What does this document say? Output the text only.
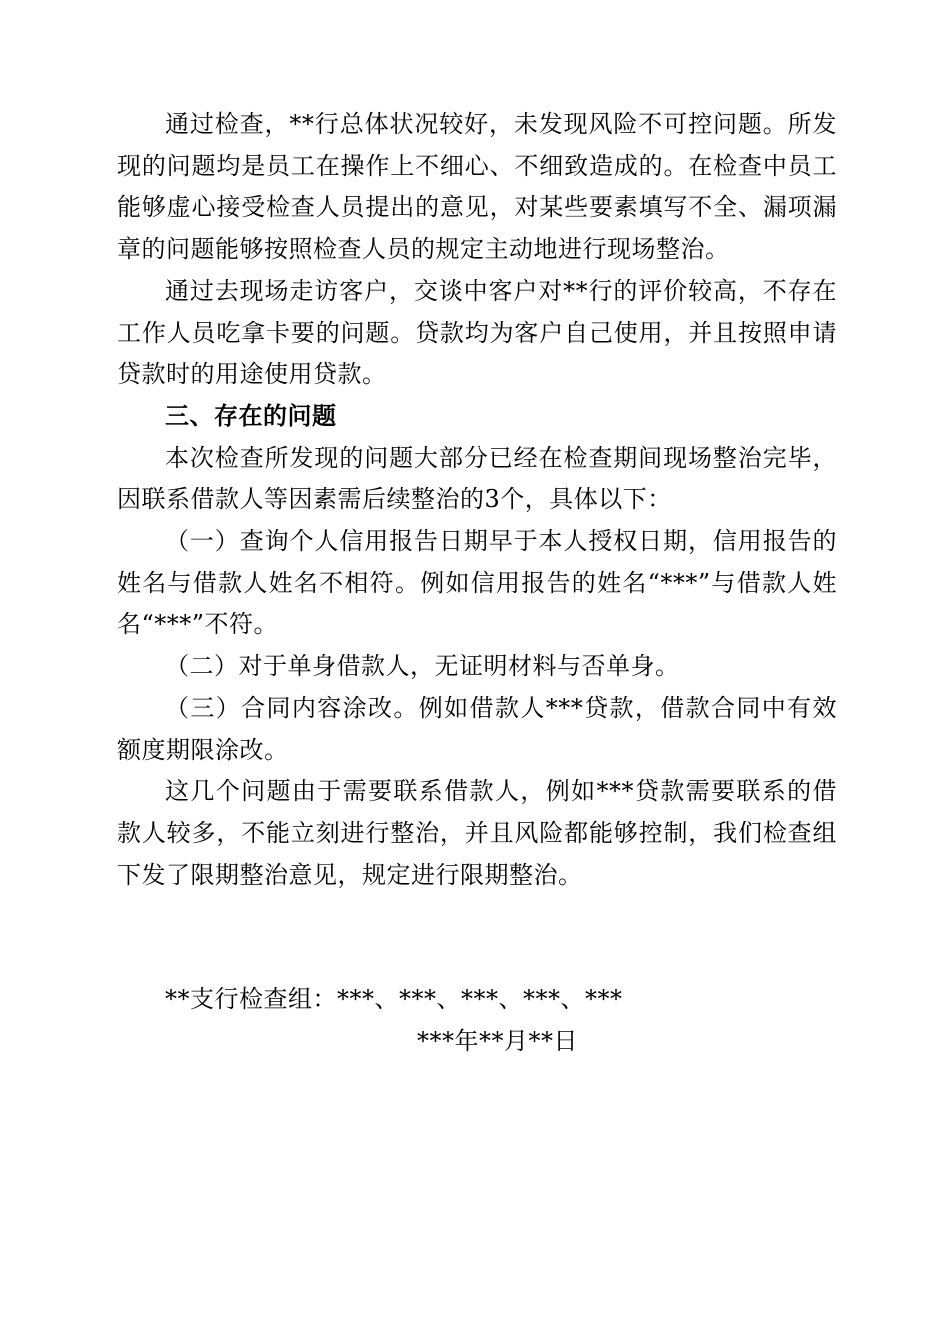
通过检查，**行总体状况较好，未发现风险不可控问题。所发现的问题均是员工在操作上不细心、不细致造成的。在检查中员工能够虚心接受检查人员提出的意见，对某些要素填写不全、漏项漏章的问题能够按照检查人员的规定主动地进行现场整治。

通过去现场走访客户，交谈中客户对**行的评价较高，不存在工作人员吃拿卡要的问题。贷款均为客户自己使用，并且按照申请贷款时的用途使用贷款。

三、存在的问题

本次检查所发现的问题大部分已经在检查期间现场整治完毕，因联系借款人等因素需后续整治的3个，具体以下：

（一）查询个人信用报告日期早于本人授权日期，信用报告的姓名与借款人姓名不相符。例如信用报告的姓名“***”与借款人姓名“***”不符。

（二）对于单身借款人，无证明材料与否单身。

（三）合同内容涂改。例如借款人***贷款，借款合同中有效额度期限涂改。

这几个问题由于需要联系借款人，例如***贷款需要联系的借款人较多，不能立刻进行整治，并且风险都能够控制，我们检查组下发了限期整治意见，规定进行限期整治。

**支行检查组：***、***、***、***、***

***年**月**日
